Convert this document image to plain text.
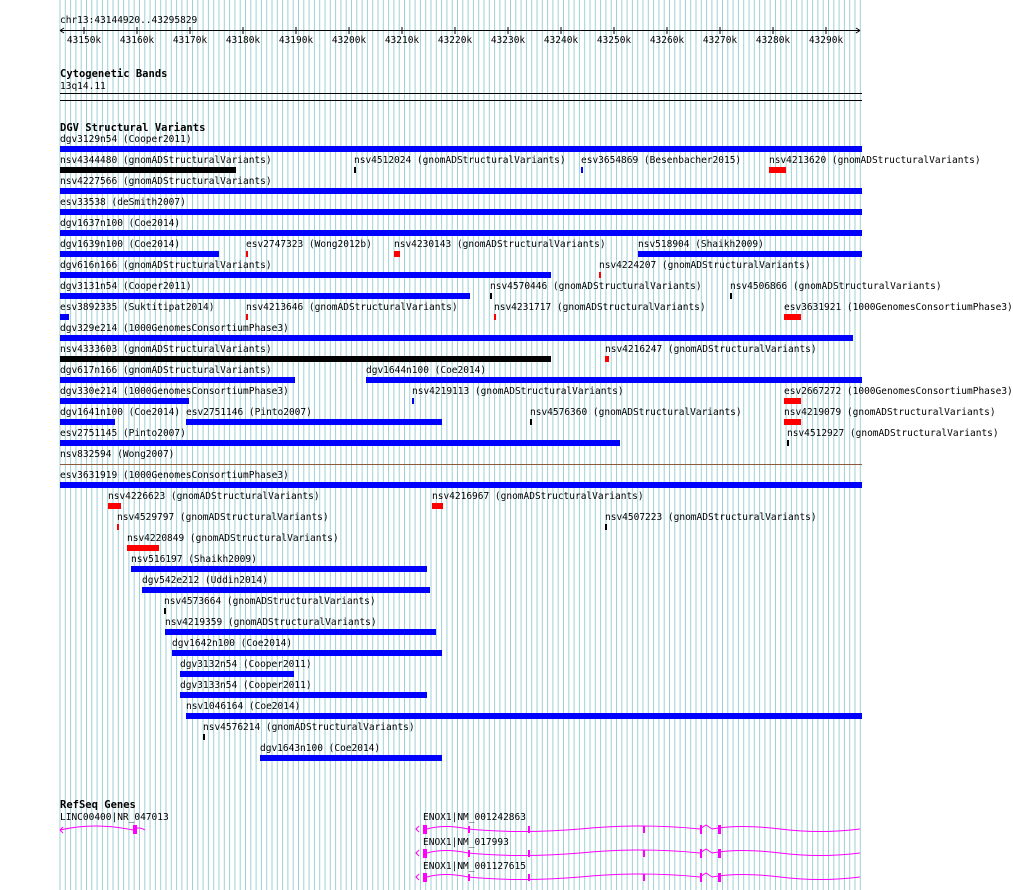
chr13:43144920..43295829
43150k 43160k 43170k 43180k 43190k 43200k 43210k 43220k 43230k 43240k 43250k 43260k 43270k 43280k 43290k
Cytogenetic Bands
13q14.11
DGV Structural Variants
dgv3129n54 (Cooper2011)
nsv4344480 (gnomADStructuralVariants)	nsv4512024 (gnomADStructuralVariants) esv3654869 (Besenbacher2015)	nsv4213620 (gnomADStructuralVariants)
nsv4227566 (gnomADStructuralVariants)
esv33538 (deSmith2007)
dgv1637n100 (Coe2014)
dgv1639n100 (Coe2014)	esv2747323 (Wong2012b) nsv4230143 (gnomADStructuralVariants)	nsv518904 (Shaikh2009)
dgv616n166 (gnomADStructuralVariants)	nsv4224207 (gnomADStructuralVariants)
dgv3131n54 (Cooper2011)	nsv4570446 (gnomADStructuralVariants)	nsv4506866 (gnomADStructuralVariants)
esv3892335 (Suktitipat2014)	nsv4213646 (gnomADStructuralVariants)	nsv4231717 (gnomADStructuralVariants)	esv3631921 (1000GenomesConsortiumPhase3)
dgv329e214 (1000GenomesConsortiumPhase3)
nsv4333603 (gnomADStructuralVariants)	nsv4216247 (gnomADStructuralVariants)
dgv617n166 (gnomADStructuralVariants)	dgv1644n100 (Coe2014)
dgv330e214 (1000GenomesConsortiumPhase3)	nsv4219113 (gnomADStructuralVariants)	esv2667272 (1000GenomesConsortiumPhase3)
dgv1641n100 (Coe2014) esv2751146 (Pinto2007)	nsv4576360 (gnomADStructuralVariants)	nsv4219079 (gnomADStructuralVariants)
esv2751145 (Pinto2007)	nsv4512927 (gnomADStructuralVariants)
nsv832594 (Wong2007)
esv3631919 (1000GenomesConsortiumPhase3)
nsv4226623 (gnomADStructuralVariants)	nsv4216967 (gnomADStructuralVariants)
nsv4529797 (gnomADStructuralVariants)	nsv4507223 (gnomADStructuralVariants)
nsv4220849 (gnomADStructuralVariants)
nsv516197 (Shaikh2009)
dgv542e212 (Uddin2014)
nsv4573664 (gnomADStructuralVariants)
nsv4219359 (gnomADStructuralVariants)
dgv1642n100 (Coe2014)
dgv3132n54 (Cooper2011)
dgv3133n54 (Cooper2011)
nsv1046164 (Coe2014)
nsv4576214 (gnomADStructuralVariants)
dgv1643n100 (Coe2014)
RefSeq Genes
LINC00400|NR_047013	ENOX1|NM_001242863
ENOX1|NM_017993
ENOX1|NM_001127615
